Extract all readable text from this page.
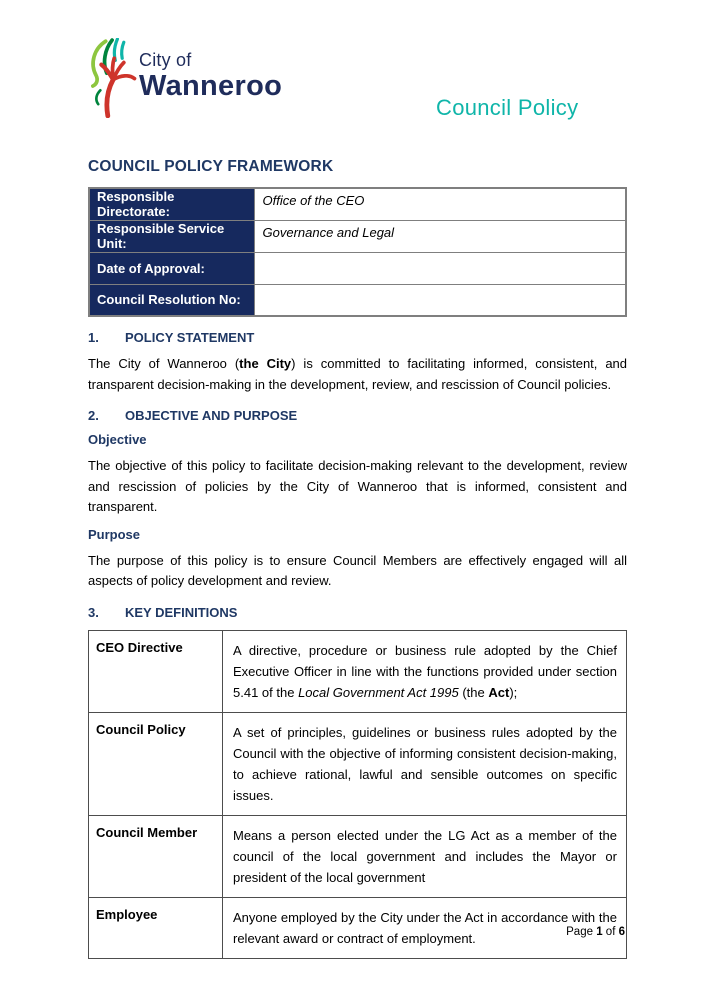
City of
Wanneroo
Council Policy
COUNCIL POLICY FRAMEWORK
Responsible Directorate:	Office of the CEO
Responsible Service Unit:	Governance and Legal
Date of Approval:	
Council Resolution No:	
1.	POLICY STATEMENT

The City of Wanneroo (the City) is committed to facilitating informed, consistent, and transparent decision-making in the development, review, and rescission of Council policies.

2.	OBJECTIVE AND PURPOSE
Objective

The objective of this policy to facilitate decision-making relevant to the development, review and rescission of policies by the City of Wanneroo that is informed, consistent and transparent.

Purpose

The purpose of this policy is to ensure Council Members are effectively engaged will all aspects of policy development and review.

3.	KEY DEFINITIONS
CEO Directive	A directive, procedure or business rule adopted by the Chief Executive Officer in line with the functions provided under section 5.41 of the Local Government Act 1995 (the Act);
Council Policy	A set of principles, guidelines or business rules adopted by the Council with the objective of informing consistent decision-making, to achieve rational, lawful and sensible outcomes on specific issues.
Council Member	Means a person elected under the LG Act as a member of the council of the local government and includes the Mayor or president of the local government
Employee	Anyone employed by the City under the Act in accordance with the relevant award or contract of employment.	Page 1 of 6
